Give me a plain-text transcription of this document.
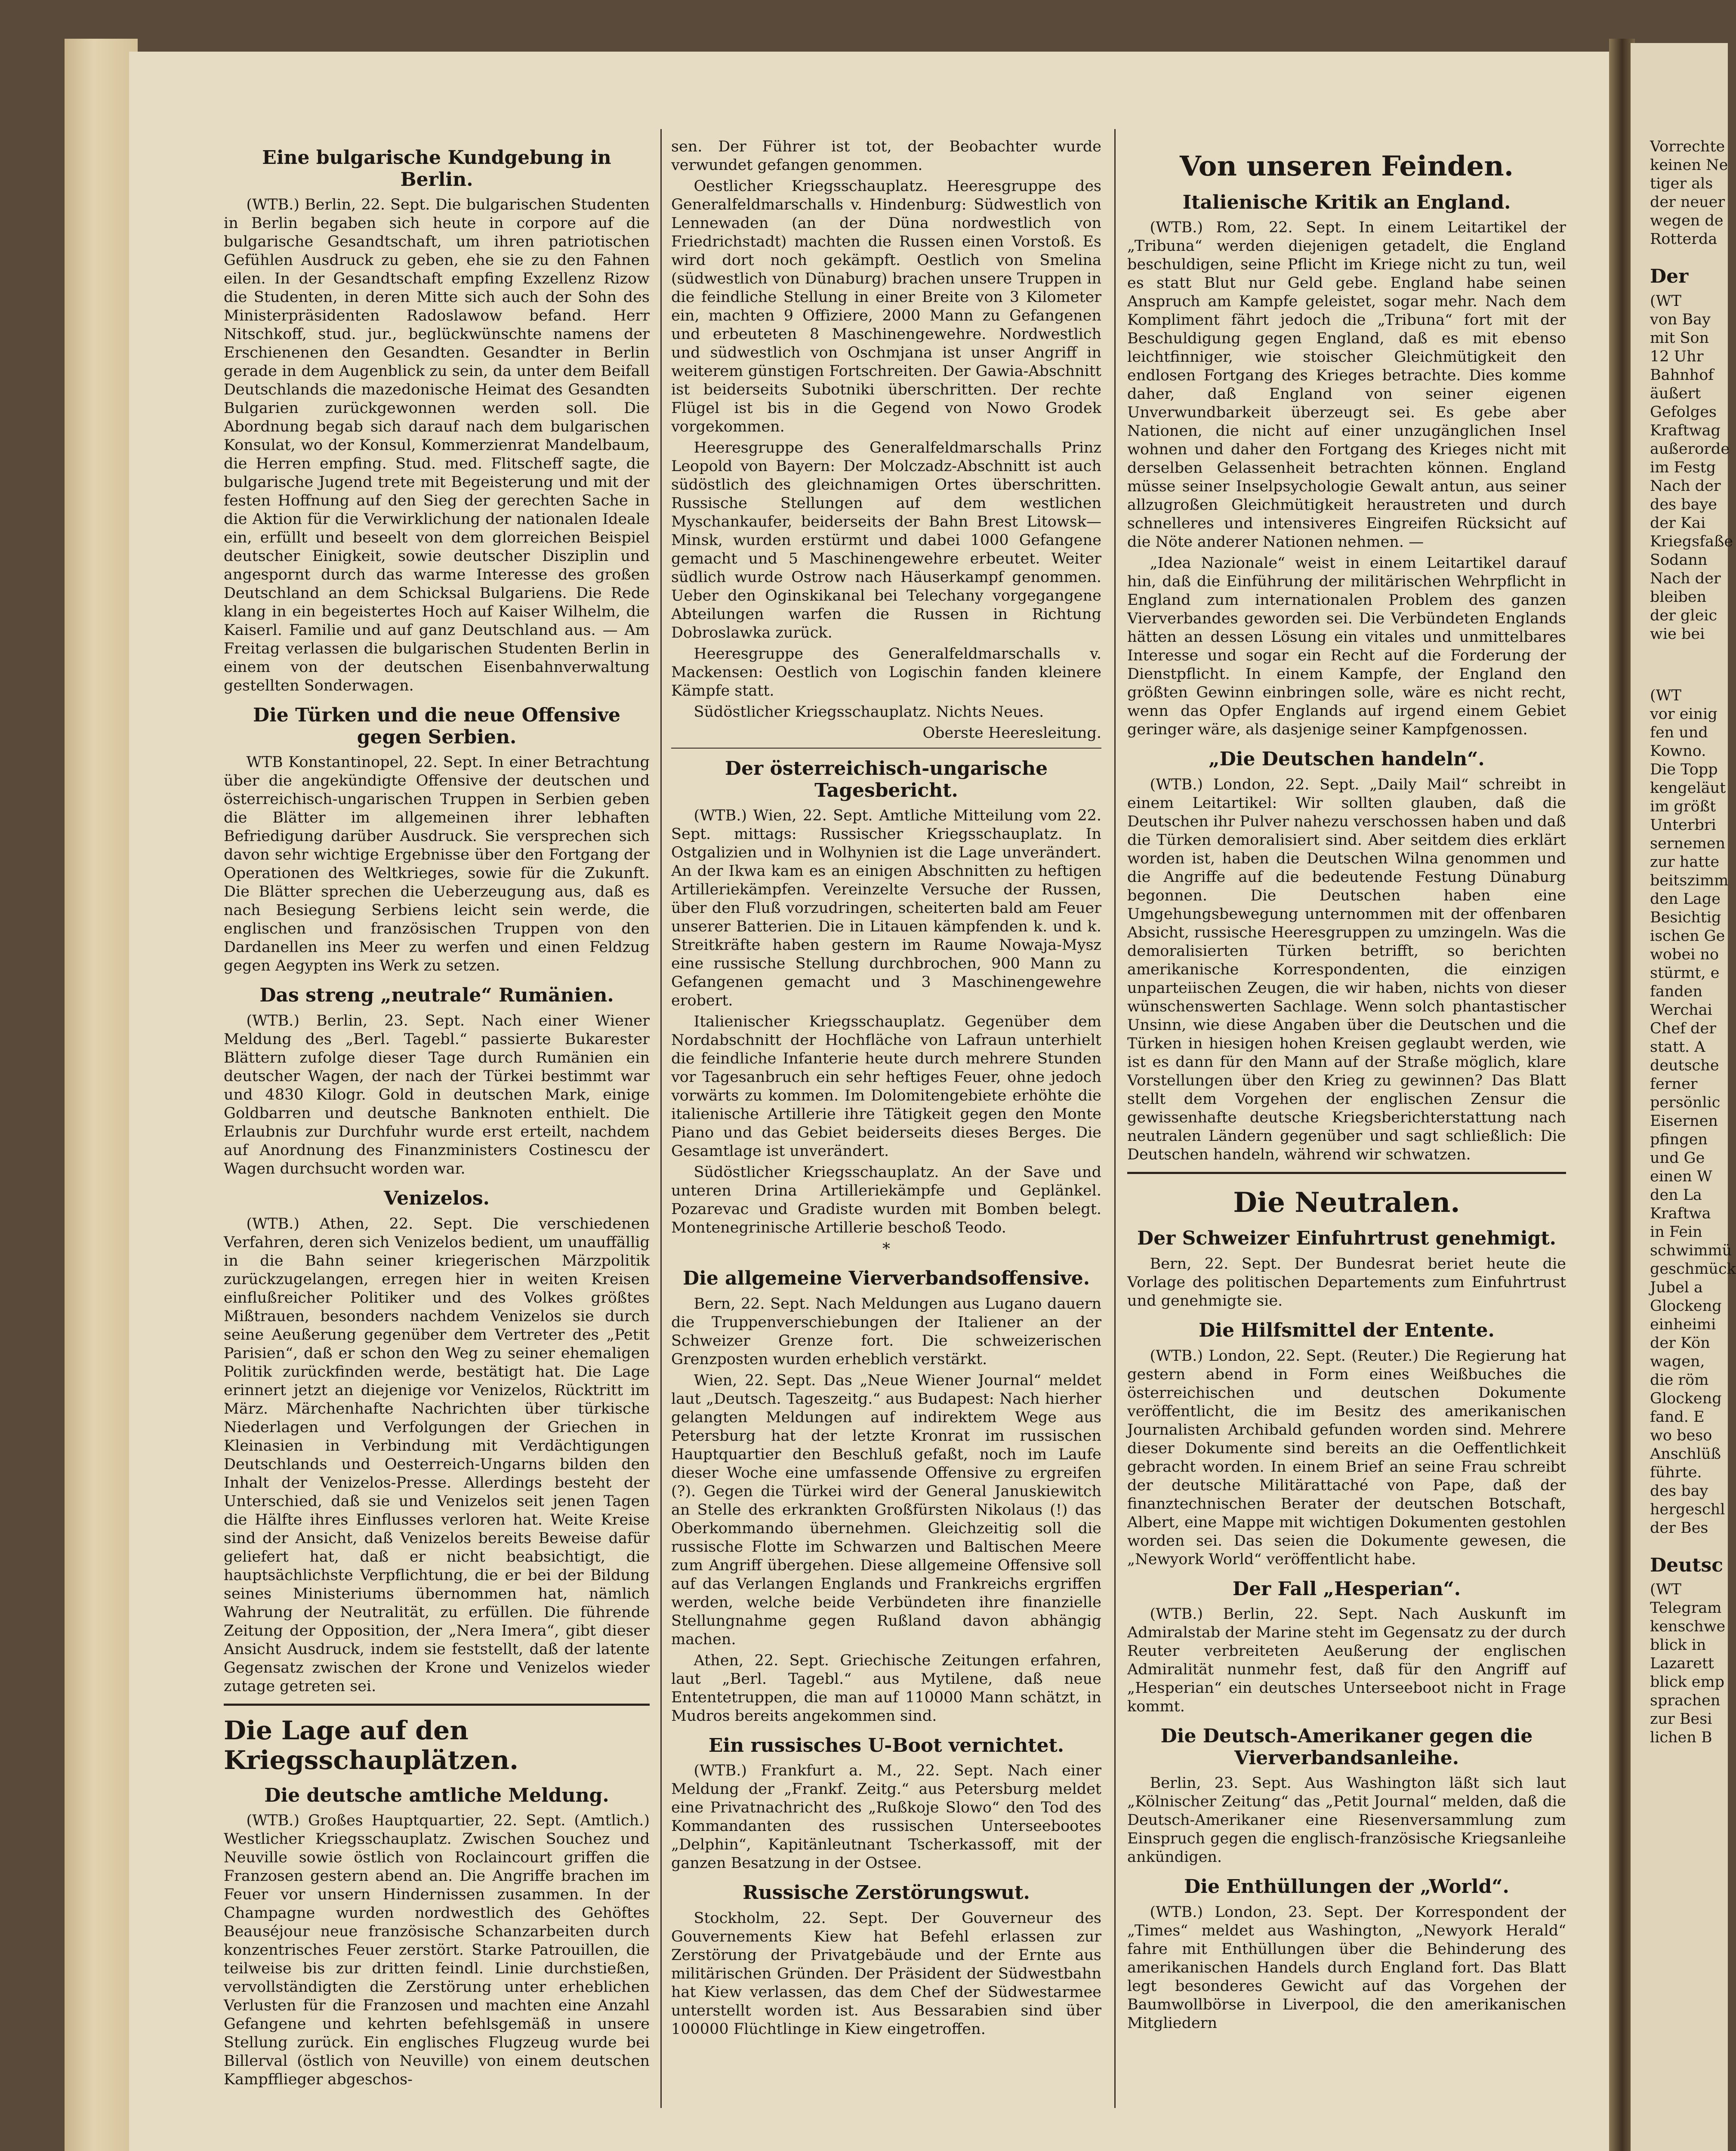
Eine bulgarische Kundgebung in Berlin.

(WTB.) Berlin, 22. Sept. Die bulgarischen Studenten in Berlin begaben sich heute in corpore auf die bulgarische Gesandtschaft, um ihren patriotischen Gefühlen Ausdruck zu geben, ehe sie zu den Fahnen eilen. In der Gesandtschaft empfing Exzellenz Rizow die Studenten, in deren Mitte sich auch der Sohn des Ministerpräsidenten Radoslawow befand. Herr Nitschkoff, stud. jur., beglückwünschte namens der Erschienenen den Gesandten. Gesandter in Berlin gerade in dem Augenblick zu sein, da unter dem Beifall Deutschlands die mazedonische Heimat des Gesandten Bulgarien zurückgewonnen werden soll. Die Abordnung begab sich darauf nach dem bulgarischen Konsulat, wo der Konsul, Kommerzienrat Mandelbaum, die Herren empfing. Stud. med. Flitscheff sagte, die bulgarische Jugend trete mit Begeisterung und mit der festen Hoffnung auf den Sieg der gerechten Sache in die Aktion für die Verwirklichung der nationalen Ideale ein, erfüllt und beseelt von dem glorreichen Beispiel deutscher Einigkeit, sowie deutscher Disziplin und angespornt durch das warme Interesse des großen Deutschland an dem Schicksal Bulgariens. Die Rede klang in ein begeistertes Hoch auf Kaiser Wilhelm, die Kaiserl. Familie und auf ganz Deutschland aus. — Am Freitag verlassen die bulgarischen Studenten Berlin in einem von der deutschen Eisenbahnverwaltung gestellten Sonderwagen.

Die Türken und die neue Offensive gegen Serbien.

WTB Konstantinopel, 22. Sept. In einer Betrachtung über die angekündigte Offensive der deutschen und österreichisch-ungarischen Truppen in Serbien geben die Blätter im allgemeinen ihrer lebhaften Befriedigung darüber Ausdruck. Sie versprechen sich davon sehr wichtige Ergebnisse über den Fortgang der Operationen des Weltkrieges, sowie für die Zukunft. Die Blätter sprechen die Ueberzeugung aus, daß es nach Besiegung Serbiens leicht sein werde, die englischen und französischen Truppen von den Dardanellen ins Meer zu werfen und einen Feldzug gegen Aegypten ins Werk zu setzen.

Das streng „neutrale“ Rumänien.

(WTB.) Berlin, 23. Sept. Nach einer Wiener Meldung des „Berl. Tagebl.“ passierte Bukarester Blättern zufolge dieser Tage durch Rumänien ein deutscher Wagen, der nach der Türkei bestimmt war und 4830 Kilogr. Gold in deutschen Mark, einige Goldbarren und deutsche Banknoten enthielt. Die Erlaubnis zur Durchfuhr wurde erst erteilt, nachdem auf Anordnung des Finanzministers Costinescu der Wagen durchsucht worden war.

Venizelos.

(WTB.) Athen, 22. Sept. Die verschiedenen Verfahren, deren sich Venizelos bedient, um unauffällig in die Bahn seiner kriegerischen Märzpolitik zurückzugelangen, erregen hier in weiten Kreisen einflußreicher Politiker und des Volkes größtes Mißtrauen, besonders nachdem Venizelos sie durch seine Aeußerung gegenüber dem Vertreter des „Petit Parisien“, daß er schon den Weg zu seiner ehemaligen Politik zurückfinden werde, bestätigt hat. Die Lage erinnert jetzt an diejenige vor Venizelos, Rücktritt im März. Märchenhafte Nachrichten über türkische Niederlagen und Verfolgungen der Griechen in Kleinasien in Verbindung mit Verdächtigungen Deutschlands und Oesterreich-Ungarns bilden den Inhalt der Venizelos-Presse. Allerdings besteht der Unterschied, daß sie und Venizelos seit jenen Tagen die Hälfte ihres Einflusses verloren hat. Weite Kreise sind der Ansicht, daß Venizelos bereits Beweise dafür geliefert hat, daß er nicht beabsichtigt, die hauptsächlichste Verpflichtung, die er bei der Bildung seines Ministeriums übernommen hat, nämlich Wahrung der Neutralität, zu erfüllen. Die führende Zeitung der Opposition, der „Nera Imera“, gibt dieser Ansicht Ausdruck, indem sie feststellt, daß der latente Gegensatz zwischen der Krone und Venizelos wieder zutage getreten sei.

Die Lage auf den Kriegsschauplätzen.
Die deutsche amtliche Meldung.

(WTB.) Großes Hauptquartier, 22. Sept. (Amtlich.) Westlicher Kriegsschauplatz. Zwischen Souchez und Neuville sowie östlich von Roclaincourt griffen die Franzosen gestern abend an. Die Angriffe brachen im Feuer vor unsern Hindernissen zusammen. In der Champagne wurden nordwestlich des Gehöftes Beauséjour neue französische Schanzarbeiten durch konzentrisches Feuer zerstört. Starke Patrouillen, die teilweise bis zur dritten feindl. Linie durchstießen, vervollständigten die Zerstörung unter erheblichen Verlusten für die Franzosen und machten eine Anzahl Gefangene und kehrten befehlsgemäß in unsere Stellung zurück. Ein englisches Flugzeug wurde bei Billerval (östlich von Neuville) von einem deutschen Kampfflieger abgeschos-

sen. Der Führer ist tot, der Beobachter wurde verwundet gefangen genommen.

Oestlicher Kriegsschauplatz. Heeresgruppe des Generalfeldmarschalls v. Hindenburg: Südwestlich von Lennewaden (an der Düna nordwestlich von Friedrichstadt) machten die Russen einen Vorstoß. Es wird dort noch gekämpft. Oestlich von Smelina (südwestlich von Dünaburg) brachen unsere Truppen in die feindliche Stellung in einer Breite von 3 Kilometer ein, machten 9 Offiziere, 2000 Mann zu Gefangenen und erbeuteten 8 Maschinengewehre. Nordwestlich und südwestlich von Oschmjana ist unser Angriff in weiterem günstigen Fortschreiten. Der Gawia-Abschnitt ist beiderseits Subotniki überschritten. Der rechte Flügel ist bis in die Gegend von Nowo Grodek vorgekommen.

Heeresgruppe des Generalfeldmarschalls Prinz Leopold von Bayern: Der Molczadz-Abschnitt ist auch südöstlich des gleichnamigen Ortes überschritten. Russische Stellungen auf dem westlichen Myschankaufer, beiderseits der Bahn Brest Litowsk—Minsk, wurden erstürmt und dabei 1000 Gefangene gemacht und 5 Maschinengewehre erbeutet. Weiter südlich wurde Ostrow nach Häuserkampf genommen. Ueber den Oginskikanal bei Telechany vorgegangene Abteilungen warfen die Russen in Richtung Dobroslawka zurück.

Heeresgruppe des Generalfeldmarschalls v. Mackensen: Oestlich von Logischin fanden kleinere Kämpfe statt.

Südöstlicher Kriegsschauplatz. Nichts Neues.

Oberste Heeresleitung.

Der österreichisch-ungarische Tagesbericht.

(WTB.) Wien, 22. Sept. Amtliche Mitteilung vom 22. Sept. mittags: Russischer Kriegsschauplatz. In Ostgalizien und in Wolhynien ist die Lage unverändert. An der Ikwa kam es an einigen Abschnitten zu heftigen Artilleriekämpfen. Vereinzelte Versuche der Russen, über den Fluß vorzudringen, scheiterten bald am Feuer unserer Batterien. Die in Litauen kämpfenden k. und k. Streitkräfte haben gestern im Raume Nowaja-Mysz eine russische Stellung durchbrochen, 900 Mann zu Gefangenen gemacht und 3 Maschinengewehre erobert.

Italienischer Kriegsschauplatz. Gegenüber dem Nordabschnitt der Hochfläche von Lafraun unterhielt die feindliche Infanterie heute durch mehrere Stunden vor Tagesanbruch ein sehr heftiges Feuer, ohne jedoch vorwärts zu kommen. Im Dolomitengebiete erhöhte die italienische Artillerie ihre Tätigkeit gegen den Monte Piano und das Gebiet beiderseits dieses Berges. Die Gesamtlage ist unverändert.

Südöstlicher Kriegsschauplatz. An der Save und unteren Drina Artilleriekämpfe und Geplänkel. Pozarevac und Gradiste wurden mit Bomben belegt. Montenegrinische Artillerie beschoß Teodo.

*

Die allgemeine Vierverbandsoffensive.

Bern, 22. Sept. Nach Meldungen aus Lugano dauern die Truppenverschiebungen der Italiener an der Schweizer Grenze fort. Die schweizerischen Grenzposten wurden erheblich verstärkt.

Wien, 22. Sept. Das „Neue Wiener Journal“ meldet laut „Deutsch. Tageszeitg.“ aus Budapest: Nach hierher gelangten Meldungen auf indirektem Wege aus Petersburg hat der letzte Kronrat im russischen Hauptquartier den Beschluß gefaßt, noch im Laufe dieser Woche eine umfassende Offensive zu ergreifen (?). Gegen die Türkei wird der General Januskiewitch an Stelle des erkrankten Großfürsten Nikolaus (!) das Oberkommando übernehmen. Gleichzeitig soll die russische Flotte im Schwarzen und Baltischen Meere zum Angriff übergehen. Diese allgemeine Offensive soll auf das Verlangen Englands und Frankreichs ergriffen werden, welche beide Verbündeten ihre finanzielle Stellungnahme gegen Rußland davon abhängig machen.

Athen, 22. Sept. Griechische Zeitungen erfahren, laut „Berl. Tagebl.“ aus Mytilene, daß neue Ententetruppen, die man auf 110000 Mann schätzt, in Mudros bereits angekommen sind.

Ein russisches U-Boot vernichtet.

(WTB.) Frankfurt a. M., 22. Sept. Nach einer Meldung der „Frankf. Zeitg.“ aus Petersburg meldet eine Privatnachricht des „Rußkoje Slowo“ den Tod des Kommandanten des russischen Unterseebootes „Delphin“, Kapitänleutnant Tscherkassoff, mit der ganzen Besatzung in der Ostsee.

Russische Zerstörungswut.

Stockholm, 22. Sept. Der Gouverneur des Gouvernements Kiew hat Befehl erlassen zur Zerstörung der Privatgebäude und der Ernte aus militärischen Gründen. Der Präsident der Südwestbahn hat Kiew verlassen, das dem Chef der Südwestarmee unterstellt worden ist. Aus Bessarabien sind über 100000 Flüchtlinge in Kiew eingetroffen.

Von unseren Feinden.
Italienische Kritik an England.

(WTB.) Rom, 22. Sept. In einem Leitartikel der „Tribuna“ werden diejenigen getadelt, die England beschuldigen, seine Pflicht im Kriege nicht zu tun, weil es statt Blut nur Geld gebe. England habe seinen Anspruch am Kampfe geleistet, sogar mehr. Nach dem Kompliment fährt jedoch die „Tribuna“ fort mit der Beschuldigung gegen England, daß es mit ebenso leichtfinniger, wie stoischer Gleichmütigkeit den endlosen Fortgang des Krieges betrachte. Dies komme daher, daß England von seiner eigenen Unverwundbarkeit überzeugt sei. Es gebe aber Nationen, die nicht auf einer unzugänglichen Insel wohnen und daher den Fortgang des Krieges nicht mit derselben Gelassenheit betrachten können. England müsse seiner Inselpsychologie Gewalt antun, aus seiner allzugroßen Gleichmütigkeit heraustreten und durch schnelleres und intensiveres Eingreifen Rücksicht auf die Nöte anderer Nationen nehmen. —

„Idea Nazionale“ weist in einem Leitartikel darauf hin, daß die Einführung der militärischen Wehrpflicht in England zum internationalen Problem des ganzen Vierverbandes geworden sei. Die Verbündeten Englands hätten an dessen Lösung ein vitales und unmittelbares Interesse und sogar ein Recht auf die Forderung der Dienstpflicht. In einem Kampfe, der England den größten Gewinn einbringen solle, wäre es nicht recht, wenn das Opfer Englands auf irgend einem Gebiet geringer wäre, als dasjenige seiner Kampfgenossen.

„Die Deutschen handeln“.

(WTB.) London, 22. Sept. „Daily Mail“ schreibt in einem Leitartikel: Wir sollten glauben, daß die Deutschen ihr Pulver nahezu verschossen haben und daß die Türken demoralisiert sind. Aber seitdem dies erklärt worden ist, haben die Deutschen Wilna genommen und die Angriffe auf die bedeutende Festung Dünaburg begonnen. Die Deutschen haben eine Umgehungsbewegung unternommen mit der offenbaren Absicht, russische Heeresgruppen zu umzingeln. Was die demoralisierten Türken betrifft, so berichten amerikanische Korrespondenten, die einzigen unparteiischen Zeugen, die wir haben, nichts von dieser wünschenswerten Sachlage. Wenn solch phantastischer Unsinn, wie diese Angaben über die Deutschen und die Türken in hiesigen hohen Kreisen geglaubt werden, wie ist es dann für den Mann auf der Straße möglich, klare Vorstellungen über den Krieg zu gewinnen? Das Blatt stellt dem Vorgehen der englischen Zensur die gewissenhafte deutsche Kriegsberichterstattung nach neutralen Ländern gegenüber und sagt schließlich: Die Deutschen handeln, während wir schwatzen.

Die Neutralen.
Der Schweizer Einfuhrtrust genehmigt.

Bern, 22. Sept. Der Bundesrat beriet heute die Vorlage des politischen Departements zum Einfuhrtrust und genehmigte sie.

Die Hilfsmittel der Entente.

(WTB.) London, 22. Sept. (Reuter.) Die Regierung hat gestern abend in Form eines Weißbuches die österreichischen und deutschen Dokumente veröffentlicht, die im Besitz des amerikanischen Journalisten Archibald gefunden worden sind. Mehrere dieser Dokumente sind bereits an die Oeffentlichkeit gebracht worden. In einem Brief an seine Frau schreibt der deutsche Militärattaché von Pape, daß der finanztechnischen Berater der deutschen Botschaft, Albert, eine Mappe mit wichtigen Dokumenten gestohlen worden sei. Das seien die Dokumente gewesen, die „Newyork World“ veröffentlicht habe.

Der Fall „Hesperian“.

(WTB.) Berlin, 22. Sept. Nach Auskunft im Admiralstab der Marine steht im Gegensatz zu der durch Reuter verbreiteten Aeußerung der englischen Admiralität nunmehr fest, daß für den Angriff auf „Hesperian“ ein deutsches Unterseeboot nicht in Frage kommt.

Die Deutsch-Amerikaner gegen die Vierverbandsanleihe.

Berlin, 23. Sept. Aus Washington läßt sich laut „Kölnischer Zeitung“ das „Petit Journal“ melden, daß die Deutsch-Amerikaner eine Riesenversammlung zum Einspruch gegen die englisch-französische Kriegsanleihe ankündigen.

Die Enthüllungen der „World“.

(WTB.) London, 23. Sept. Der Korrespondent der „Times“ meldet aus Washington, „Newyork Herald“ fahre mit Enthüllungen über die Behinderung des amerikanischen Handels durch England fort. Das Blatt legt besonderes Gewicht auf das Vorgehen der Baumwollbörse in Liverpool, die den amerikanischen Mitgliedern

Vorrechte

keinen Ne

tiger als

der neuer

wegen de

Rotterda

Der

(WT

von Bay

mit Son

12 Uhr

Bahnhof

äußert

Gefolges

Kraftwag

außerorde

im Festg

Nach der

des baye

der Kai

Kriegsfaße

Sodann

Nach der

bleiben

der gleic

wie bei

(WT

vor einig

fen und

Kowno.

Die Topp

kengeläut

im größt

Unterbri

sernemen

zur hatte

beitszimm

den Lage

Besichtig

ischen Ge

wobei no

stürmt, e

fanden

Werchai

Chef der

statt. A

deutsche

ferner

persönlic

Eisernen

pfingen

und Ge

einen W

den La

Kraftwa

in Fein

schwimmü

geschmück

Jubel a

Glockeng

einheimi

der Kön

wagen,

die röm

Glockeng

fand. E

wo beso

Anschlüß

führte.

des bay

hergeschl

der Bes

Deutsc

(WT

Telegram

kenschwe

blick in

Lazarett

blick emp

sprachen

zur Besi

lichen B
